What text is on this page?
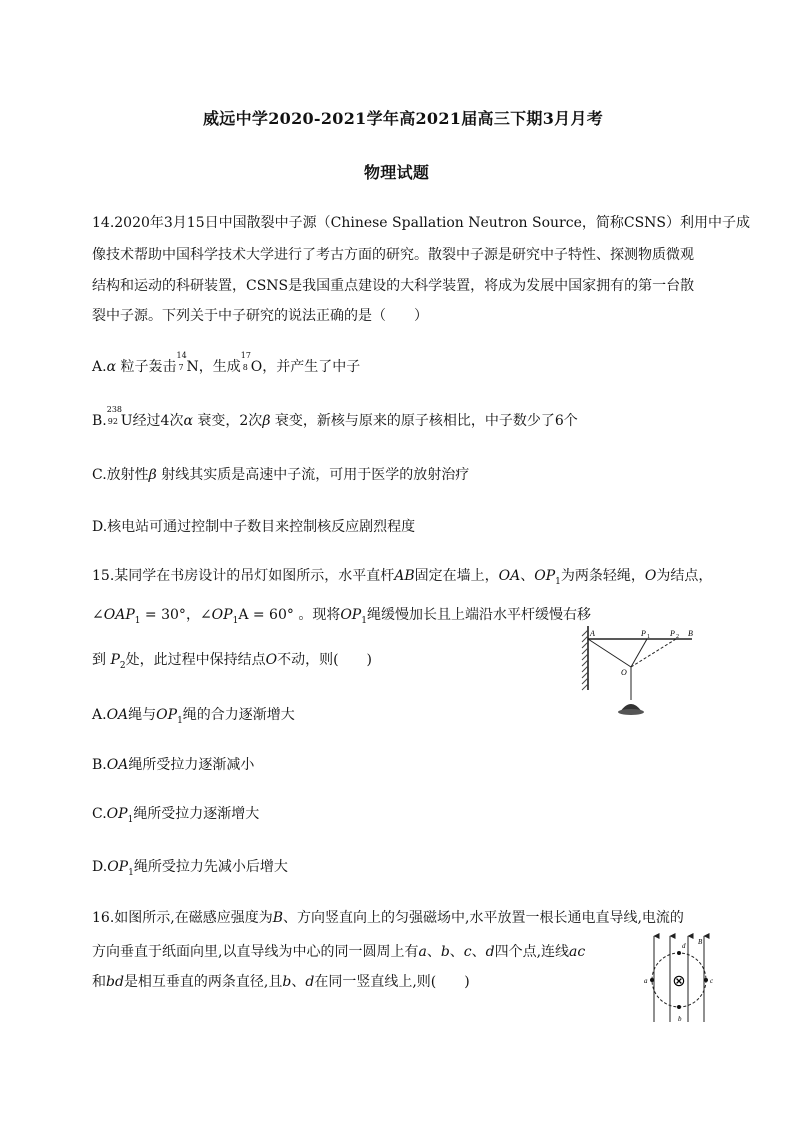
威远中学2020-2021学年高2021届高三下期3月月考
物理试题
14.2020年3月15日中国散裂中子源（Chinese Spallation Neutron Source，简称CSNS）利用中子成
像技术帮助中国科学技术大学进行了考古方面的研究。散裂中子源是研究中子特性、探测物质微观
结构和运动的科研装置，CSNS是我国重点建设的大科学装置，将成为发展中国家拥有的第一台散
裂中子源。下列关于中子研究的说法正确的是（　　）
A.α 粒子轰击
14
7 N，生成
17
8 O，并产生了中子
B.
238
92 U经过4次α 衰变，2次β 衰变，新核与原来的原子核相比，中子数少了6个
C.放射性β 射线其实质是高速中子流，可用于医学的放射治疗
D.核电站可通过控制中子数目来控制核反应剧烈程度
15.某同学在书房设计的吊灯如图所示，水平直杆AB固定在墙上，OA、$OP_1$为两条轻绳，O为结点，
$\angle OAP_1 = 30^\circ$，$\angle OP_1A = 60^\circ$ 。现将$OP_1$绳缓慢加长且上端沿水平杆缓慢右移
到 $P_2$处，此过程中保持结点O不动，则(　　)
A.OA绳与$OP_1$绳的合力逐渐增大
B.OA绳所受拉力逐渐减小
$C.OP_1$绳所受拉力逐渐增大
$D.OP_1$绳所受拉力先减小后增大
A	P 1	P 2 B
O
16.如图所示,在磁感应强度为B、方向竖直向上的匀强磁场中,水平放置一根长通电直导线,电流的
方向垂直于纸面向里,以直导线为中心的同一圆周上有a、b、c、d四个点,连线ac
和bd是相互垂直的两条直径,且b、d在同一竖直线上,则(　　)	⊗
a	c
d
b
B
